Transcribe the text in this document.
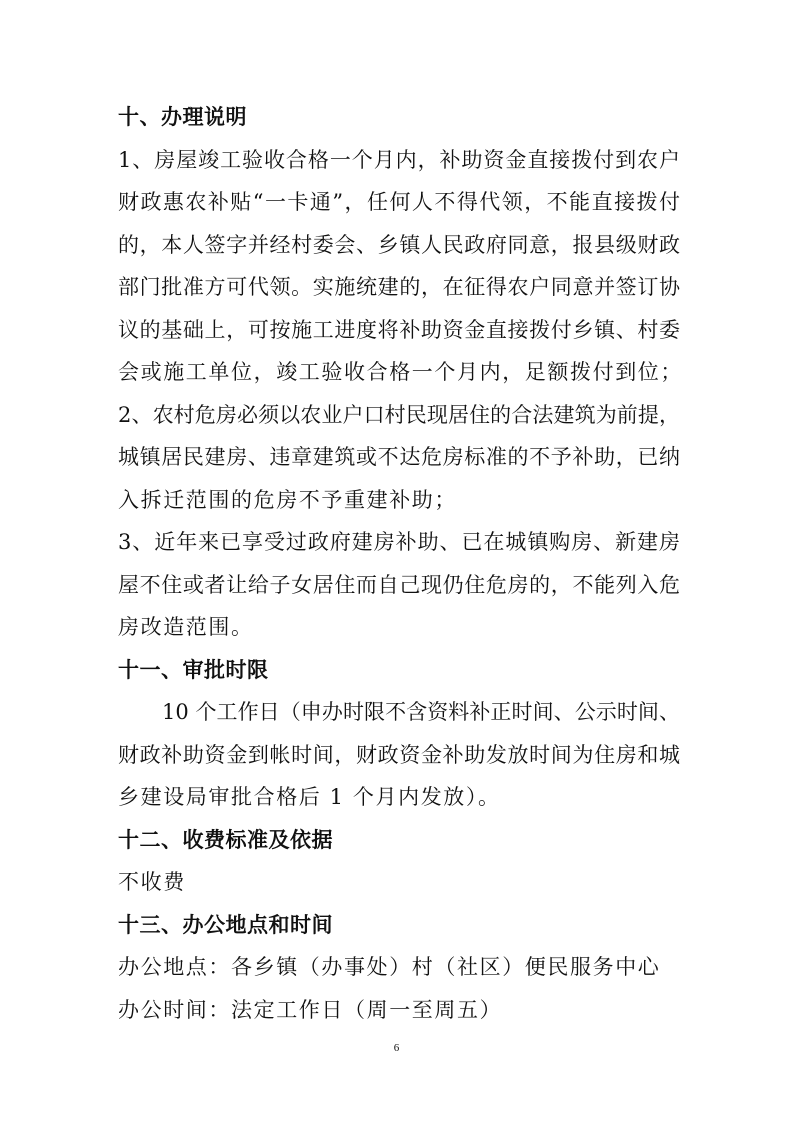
十、办理说明
1、房屋竣工验收合格一个月内，补助资金直接拨付到农户
财政惠农补贴“一卡通”，任何人不得代领，不能直接拨付
的，本人签字并经村委会、乡镇人民政府同意，报县级财政
部门批准方可代领。实施统建的，在征得农户同意并签订协
议的基础上，可按施工进度将补助资金直接拨付乡镇、村委
会或施工单位，竣工验收合格一个月内，足额拨付到位；
2、农村危房必须以农业户口村民现居住的合法建筑为前提，
城镇居民建房、违章建筑或不达危房标准的不予补助，已纳
入拆迁范围的危房不予重建补助；
3、近年来已享受过政府建房补助、已在城镇购房、新建房
屋不住或者让给子女居住而自己现仍住危房的，不能列入危
房改造范围。
十一、审批时限
10 个工作日（申办时限不含资料补正时间、公示时间、
财政补助资金到帐时间，财政资金补助发放时间为住房和城
乡建设局审批合格后 1 个月内发放）。
十二、收费标准及依据
不收费
十三、办公地点和时间
办公地点：各乡镇（办事处）村（社区）便民服务中心
办公时间：法定工作日（周一至周五）
6
